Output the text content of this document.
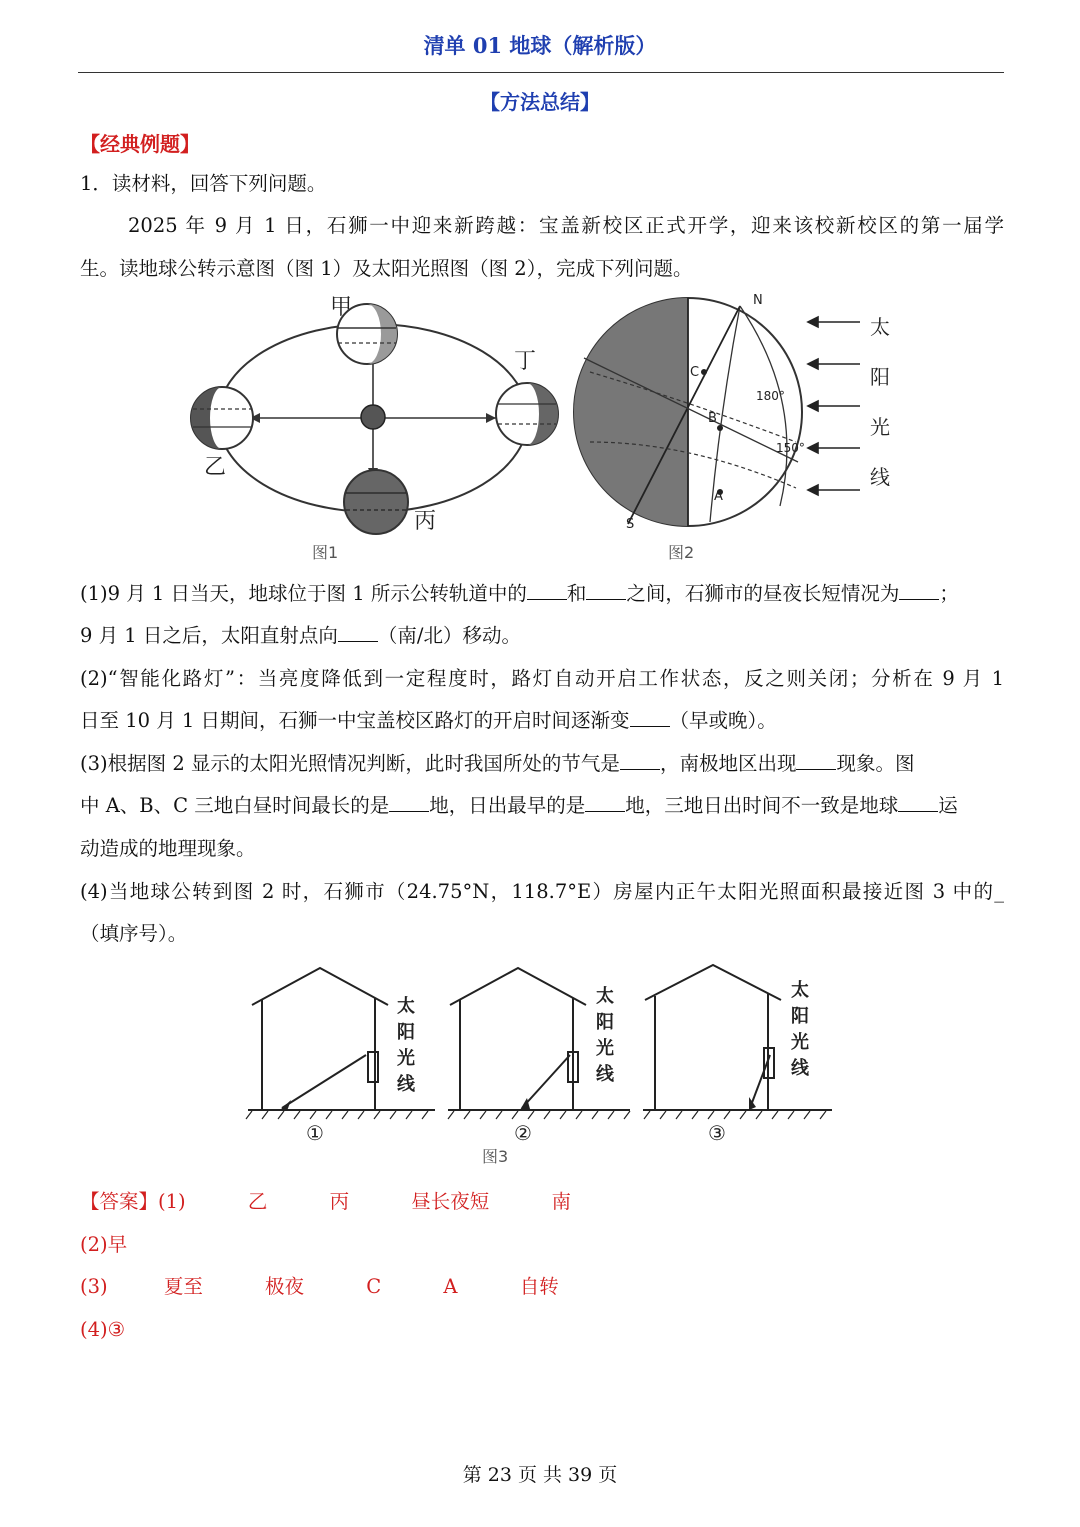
清单 01 地球（解析版）
【方法总结】
【经典例题】
1．读材料，回答下列问题。
2025 年 9 月 1 日，石狮一中迎来新跨越：宝盖新校区正式开学，迎来该校新校区的第一届学
生。读地球公转示意图（图 1）及太阳光照图（图 2），完成下列问题。
甲
乙
丙
丁
图1
N
S
A
B
C
180°
150°
太
阳
光
线
图2
(1)9 月 1 日当天，地球位于图 1 所示公转轨道中的 和 之间，石狮市的昼夜长短情况为 ；
9 月 1 日之后，太阳直射点向 （南/北）移动。
(2)“智能化路灯”：当亮度降低到一定程度时，路灯自动开启工作状态，反之则关闭；分析在 9 月 1
日至 10 月 1 日期间，石狮一中宝盖校区路灯的开启时间逐渐变 （早或晚）。
(3)根据图 2 显示的太阳光照情况判断，此时我国所处的节气是 ，南极地区出现 现象。图
中 A、B、C 三地白昼时间最长的是 地，日出最早的是 地，三地日出时间不一致是地球 运
动造成的地理现象。
(4)当地球公转到图 2 时，石狮市（24.75°N，118.7°E）房屋内正午太阳光照面积最接近图 3 中的_
（填序号）。
太
阳
光
线
太
阳
光
线
太
阳
光
线
①	②	③
图3
【答案】(1)	乙	丙	昼长夜短	南
(2)早
(3)	夏至	极夜	C	A	自转
(4)③
第 23 页 共 39 页
